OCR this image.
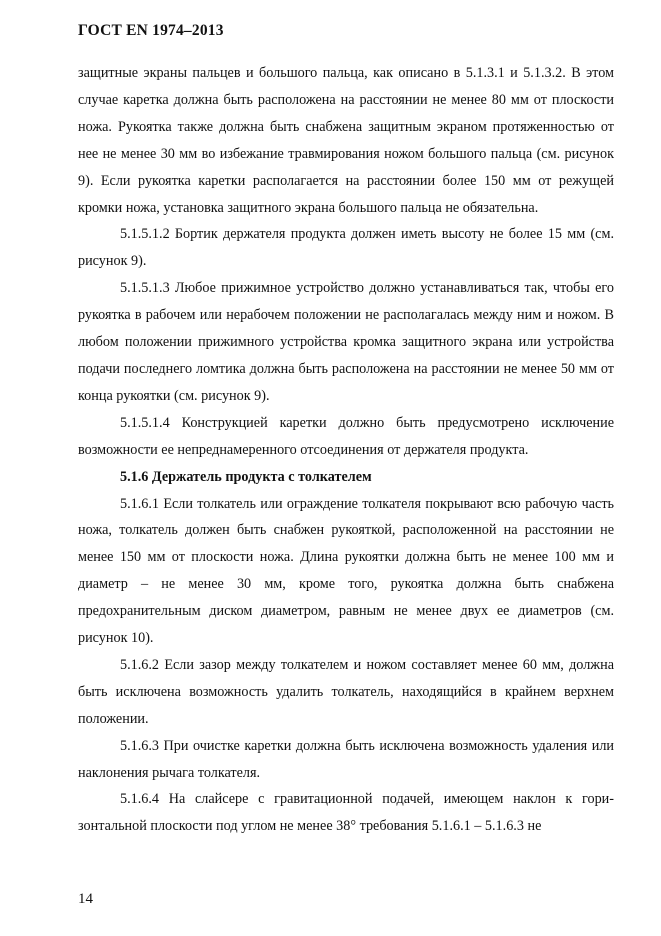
ГОСТ EN 1974–2013

защитные экраны пальцев и большого пальца, как описано в 5.1.3.1 и 5.1.3.2. В этом случае каретка должна быть расположена на расстоянии не менее 80 мм от плоскости ножа. Рукоятка также должна быть снабжена защитным экраном протяженностью от нее не менее 30 мм во избежание травмирования ножом большого пальца (см. рисунок 9). Если рукоятка каретки располагается на расстоянии более 150 мм от режущей кромки ножа, установка защитного экрана большого пальца не обязательна.

5.1.5.1.2 Бортик держателя продукта должен иметь высоту не более 15 мм (см. рисунок 9).

5.1.5.1.3 Любое прижимное устройство должно устанавливаться так, чтобы его рукоятка в рабочем или нерабочем положении не располагалась между ним и ножом. В любом положении прижимного устройства кромка защитного экрана или устройства подачи последнего ломтика должна быть расположена на расстоянии не менее 50 мм от конца рукоятки (см. рисунок 9).

5.1.5.1.4 Конструкцией каретки должно быть предусмотрено исключение возможности ее непреднамеренного отсоединения от держателя продукта.

5.1.6 Держатель продукта с толкателем

5.1.6.1 Если толкатель или ограждение толкателя покрывают всю рабочую часть ножа, толкатель должен быть снабжен рукояткой, расположенной на расстоянии не менее 150 мм от плоскости ножа. Длина рукоятки должна быть не менее 100 мм и диаметр – не менее 30 мм, кроме того, рукоятка должна быть снабжена предохранительным диском диаметром, равным не менее двух ее диаметров (см. рисунок 10).

5.1.6.2 Если зазор между толкателем и ножом составляет менее 60 мм, должна быть исключена возможность удалить толкатель, находящийся в крайнем верхнем положении.

5.1.6.3 При очистке каретки должна быть исключена возможность удаления или наклонения рычага толкателя.

5.1.6.4 На слайсере с гравитационной подачей, имеющем наклон к горизонтальной плоскости под углом не менее 38° требования 5.1.6.1 – 5.1.6.3 не

14
